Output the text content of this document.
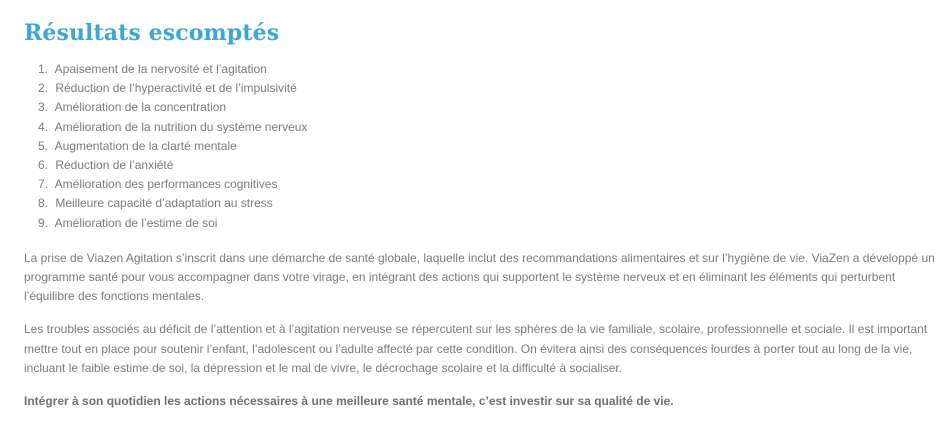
Résultats escomptés
1. Apaisement de la nervosité et l’agitation
2. Réduction de l’hyperactivité et de l’impulsivité
3. Amélioration de la concentration
4. Amélioration de la nutrition du système nerveux
5. Augmentation de la clarté mentale
6. Réduction de l’anxiété
7. Amélioration des performances cognitives
8. Meilleure capacité d’adaptation au stress
9. Amélioration de l’estime de soi

La prise de Viazen Agitation s’inscrit dans une démarche de santé globale, laquelle inclut des recommandations alimentaires et sur l’hygiène de vie. ViaZen a développé un
programme santé pour vous accompagner dans votre virage, en intégrant des actions qui supportent le système nerveux et en éliminant les éléments qui perturbent
l’équilibre des fonctions mentales.

Les troubles associés au déficit de l’attention et à l’agitation nerveuse se répercutent sur les sphères de la vie familiale, scolaire, professionnelle et sociale. Il est important
mettre tout en place pour soutenir l’enfant, l’adolescent ou l’adulte affecté par cette condition. On évitera ainsi des conséquences lourdes à porter tout au long de la vie,
incluant le faible estime de soi, la dépression et le mal de vivre, le décrochage scolaire et la difficulté à socialiser.

Intégrer à son quotidien les actions nécessaires à une meilleure santé mentale, c’est investir sur sa qualité de vie.
